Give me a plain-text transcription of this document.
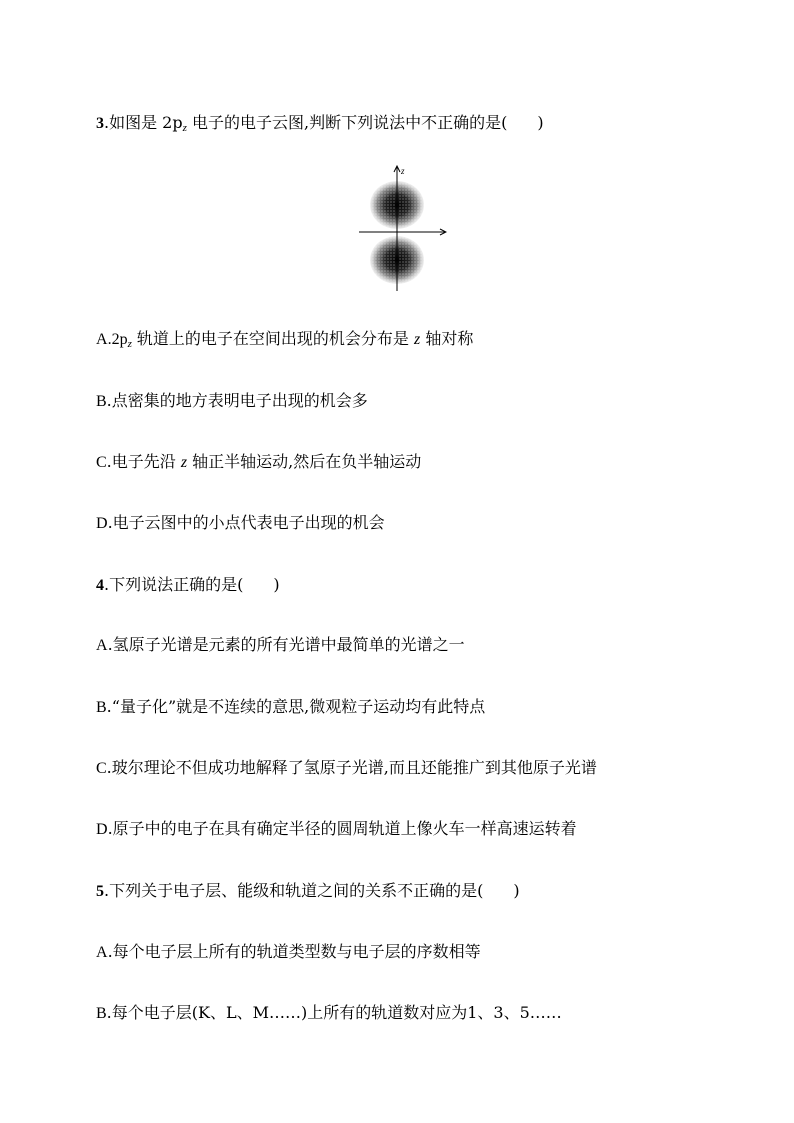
3.如图是 $2p_z$ 电子的电子云图,判断下列说法中不正确的是( )
z
$A.2p_z$ 轨道上的电子在空间出现的机会分布是 z 轴对称
B.点密集的地方表明电子出现的机会多
C.电子先沿 z 轴正半轴运动,然后在负半轴运动
D.电子云图中的小点代表电子出现的机会
4.下列说法正确的是( )
A.氢原子光谱是元素的所有光谱中最简单的光谱之一
B.“量子化”就是不连续的意思,微观粒子运动均有此特点
C.玻尔理论不但成功地解释了氢原子光谱,而且还能推广到其他原子光谱
D.原子中的电子在具有确定半径的圆周轨道上像火车一样高速运转着
5.下列关于电子层、能级和轨道之间的关系不正确的是( )
A.每个电子层上所有的轨道类型数与电子层的序数相等
B.每个电子层(K、L、M……)上所有的轨道数对应为1、3、5……
